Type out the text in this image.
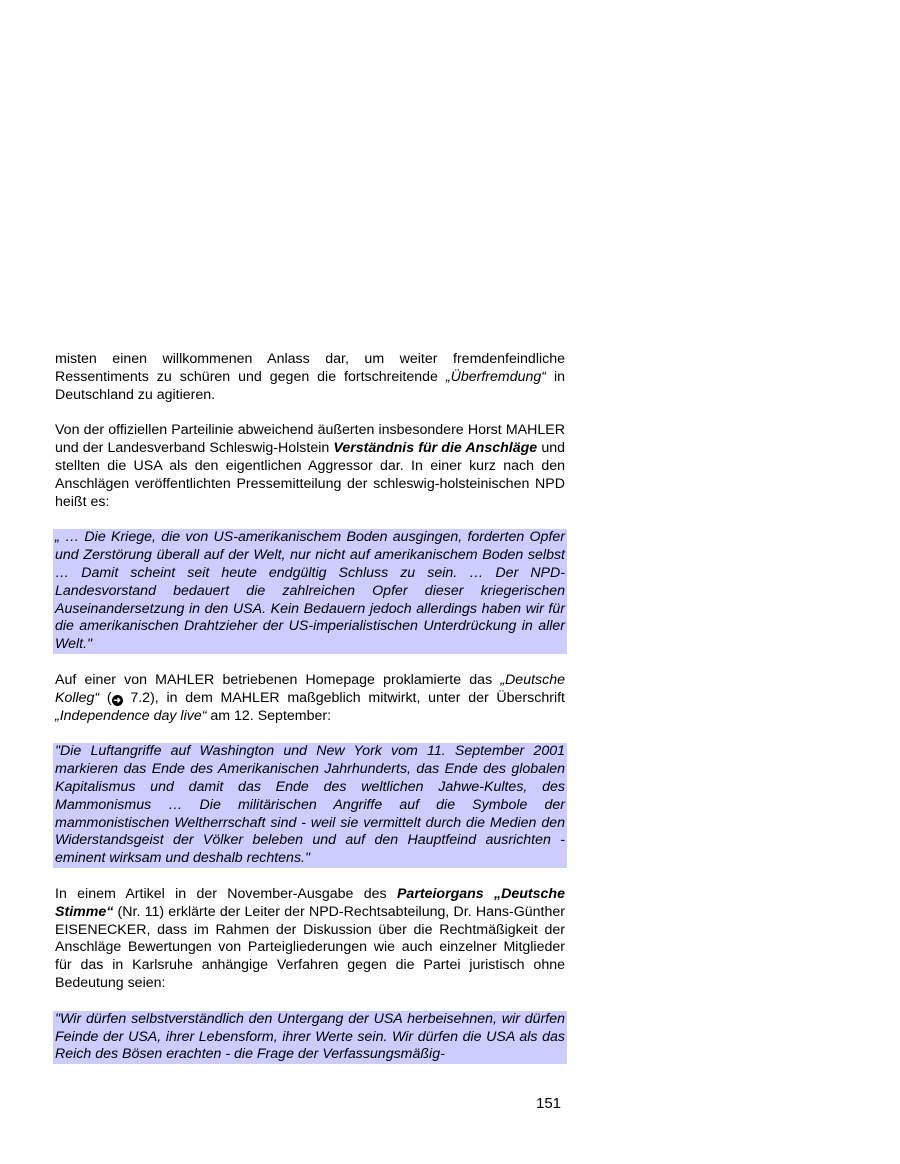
misten einen willkommenen Anlass dar, um weiter fremdenfeindliche Ressentiments zu schüren und gegen die fortschreitende „Überfremdung“ in Deutschland zu agitieren.

Von der offiziellen Parteilinie abweichend äußerten insbesondere Horst MAHLER und der Landesverband Schleswig-Holstein Verständnis für die Anschläge und stellten die USA als den eigentlichen Aggressor dar. In einer kurz nach den Anschlägen veröffentlichten Pressemitteilung der schleswig-holsteinischen NPD heißt es:

„ … Die Kriege, die von US-amerikanischem Boden ausgingen, forderten Opfer und Zerstörung überall auf der Welt, nur nicht auf amerikanischem Boden selbst … Damit scheint seit heute endgültig Schluss zu sein. … Der NPD-Landesvorstand bedauert die zahlreichen Opfer dieser kriegerischen Auseinandersetzung in den USA. Kein Bedauern jedoch allerdings haben wir für die amerikanischen Drahtzieher der US-imperialistischen Unterdrückung in aller Welt."

Auf einer von MAHLER betriebenen Homepage proklamierte das „Deutsche Kolleg“ ( ➜ 7.2), in dem MAHLER maßgeblich mitwirkt, unter der Überschrift „Independence day live“ am 12. September:

"Die Luftangriffe auf Washington und New York vom 11. September 2001 markieren das Ende des Amerikanischen Jahrhunderts, das Ende des globalen Kapitalismus und damit das Ende des weltlichen Jahwe-Kultes, des Mammonismus … Die militärischen Angriffe auf die Symbole der mammonistischen Weltherrschaft sind - weil sie vermittelt durch die Medien den Widerstandsgeist der Völker beleben und auf den Hauptfeind ausrichten - eminent wirksam und deshalb rechtens."

In einem Artikel in der November-Ausgabe des Parteiorgans „Deutsche Stimme“ (Nr. 11) erklärte der Leiter der NPD-Rechtsabteilung, Dr. Hans-Günther EISENECKER, dass im Rahmen der Diskussion über die Rechtmäßigkeit der Anschläge Bewertungen von Parteigliederungen wie auch einzelner Mitglieder für das in Karlsruhe anhängige Verfahren gegen die Partei juristisch ohne Bedeutung seien:

"Wir dürfen selbstverständlich den Untergang der USA herbeisehnen, wir dürfen Feinde der USA, ihrer Lebensform, ihrer Werte sein. Wir dürfen die USA als das Reich des Bösen erachten - die Frage der Verfassungsmäßig-

151
